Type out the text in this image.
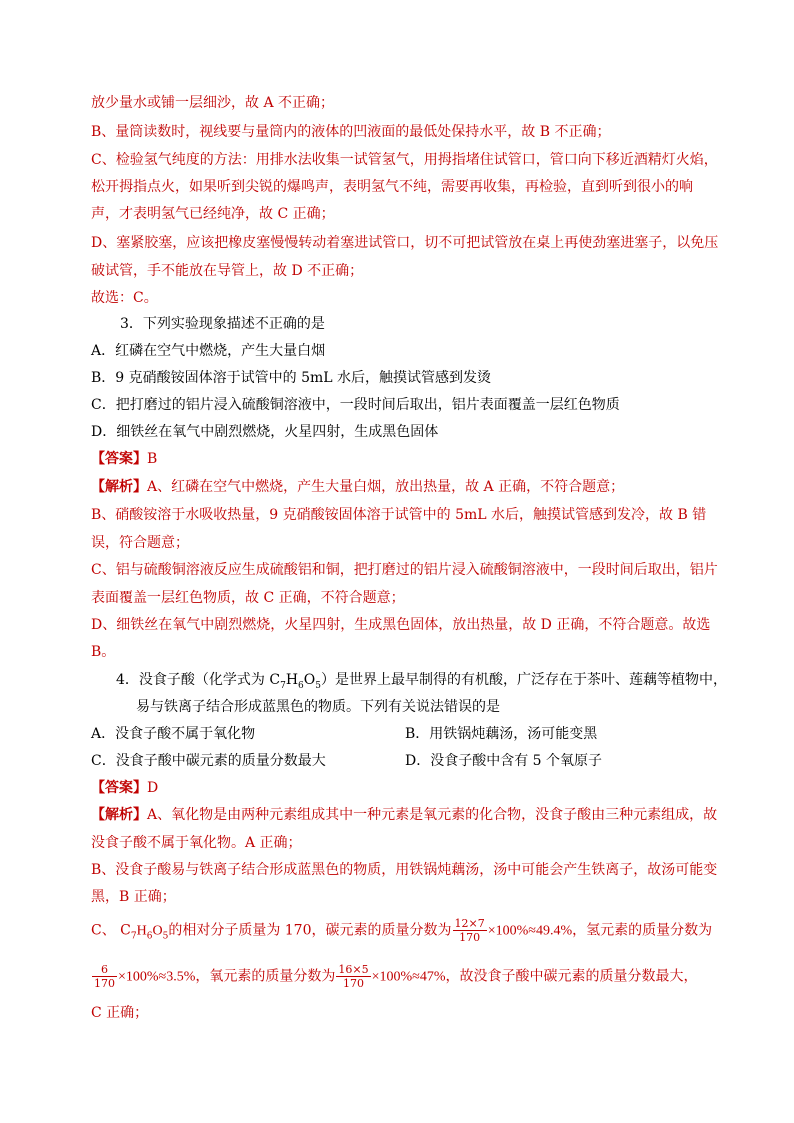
放少量水或铺一层细沙，故 A 不正确；
B、量筒读数时，视线要与量筒内的液体的凹液面的最低处保持水平，故 B 不正确；
C、检验氢气纯度的方法：用排水法收集一试管氢气，用拇指堵住试管口，管口向下移近酒精灯火焰，
松开拇指点火，如果听到尖锐的爆鸣声，表明氢气不纯，需要再收集，再检验，直到听到很小的响
声，才表明氢气已经纯净，故 C 正确；
D、塞紧胶塞，应该把橡皮塞慢慢转动着塞进试管口，切不可把试管放在桌上再使劲塞进塞子，以免压
破试管，手不能放在导管上，故 D 不正确；
故选：C。
3．下列实验现象描述不正确的是
A．红磷在空气中燃烧，产生大量白烟
B．9 克硝酸铵固体溶于试管中的 5mL 水后，触摸试管感到发烫
C．把打磨过的铝片浸入硫酸铜溶液中，一段时间后取出，铝片表面覆盖一层红色物质
D．细铁丝在氧气中剧烈燃烧，火星四射，生成黑色固体
【答案】B
【解析】A、红磷在空气中燃烧，产生大量白烟，放出热量，故 A 正确，不符合题意；
B、硝酸铵溶于水吸收热量，9 克硝酸铵固体溶于试管中的 5mL 水后，触摸试管感到发冷，故 B 错
误，符合题意；
C、铝与硫酸铜溶液反应生成硫酸铝和铜，把打磨过的铝片浸入硫酸铜溶液中，一段时间后取出，铝片
表面覆盖一层红色物质，故 C 正确，不符合题意；
D、细铁丝在氧气中剧烈燃烧，火星四射，生成黑色固体，放出热量，故 D 正确，不符合题意。故选
B。
4．没食子酸（化学式为 $C_7H_6O_5$）是世界上最早制得的有机酸，广泛存在于茶叶、莲藕等植物中，
易与铁离子结合形成蓝黑色的物质。下列有关说法错误的是
A．没食子酸不属于氧化物	B．用铁锅炖藕汤，汤可能变黑
C．没食子酸中碳元素的质量分数最大	D．没食子酸中含有 5 个氧原子
【答案】D
【解析】A、氧化物是由两种元素组成其中一种元素是氧元素的化合物，没食子酸由三种元素组成，故
没食子酸不属于氧化物。A 正确；
B、没食子酸易与铁离子结合形成蓝黑色的物质，用铁锅炖藕汤，汤中可能会产生铁离子，故汤可能变
黑，B 正确；
C、 $C_7H_6O_5$的相对分子质量为 170，碳元素的质量分数为 $\frac{12\times 7}{170} \times 100\%\approx 49.4\%$，氢元素的质量分数为
$\frac{6}{170} \times 100\%\approx 3.5\%$，氧元素的质量分数为 $\frac{16\times 5}{170} \times 100\%\approx 47\%$，故没食子酸中碳元素的质量分数最大，
C 正确；
